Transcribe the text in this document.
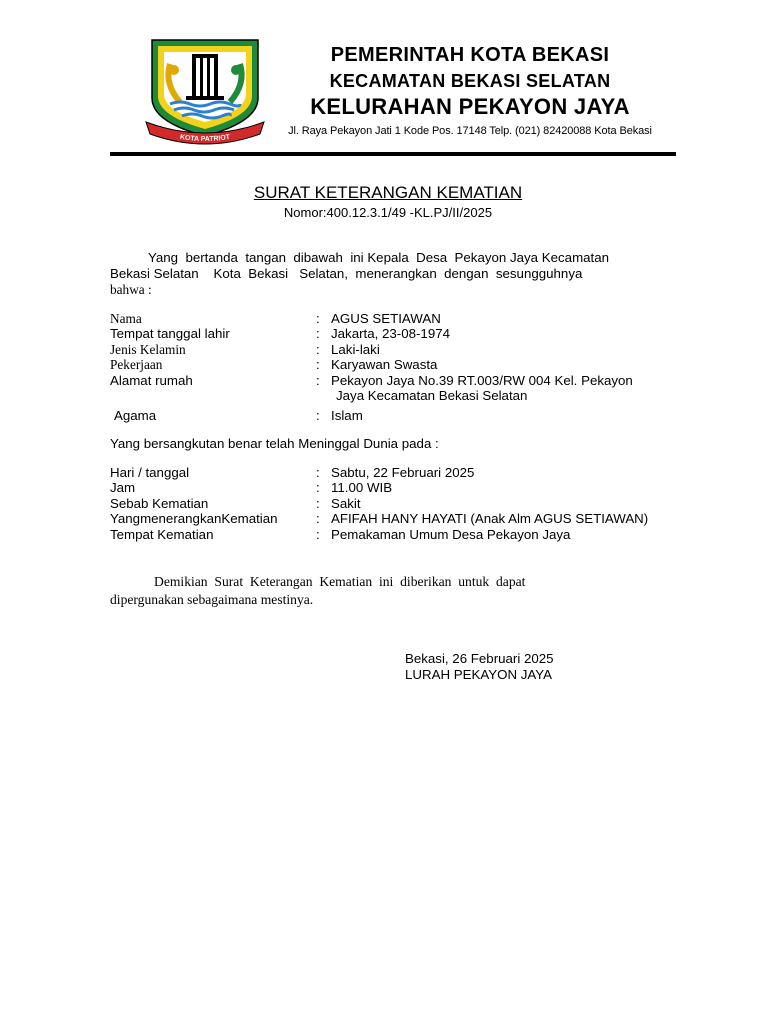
KOTA PATRIOT
PEMERINTAH KOTA BEKASI
KECAMATAN BEKASI SELATAN
KELURAHAN PEKAYON JAYA
Jl. Raya Pekayon Jati 1 Kode Pos. 17148 Telp. (021) 82420088 Kota Bekasi
SURAT KETERANGAN KEMATIAN
Nomor:400.12.3.1/49 -KL.PJ/II/2025
Yang  bertanda  tangan  dibawah  ini Kepala  Desa  Pekayon Jaya Kecamatan
Bekasi Selatan    Kota  Bekasi   Selatan,  menerangkan  dengan  sesungguhnya
bahwa :
Nama	: AGUS SETIAWAN
Tempat tanggal lahir	: Jakarta, 23-08-1974
Jenis Kelamin	: Laki-laki
Pekerjaan	: Karyawan Swasta
Alamat rumah	: Pekayon Jaya No.39 RT.003/RW 004 Kel. Pekayon
Jaya Kecamatan Bekasi Selatan
Agama	: Islam
Yang bersangkutan benar telah Meninggal Dunia pada :
Hari / tanggal	: Sabtu, 22 Februari 2025
Jam	: 11.00 WIB
Sebab Kematian	: Sakit
YangmenerangkanKematian	: AFIFAH HANY HAYATI (Anak Alm AGUS SETIAWAN)
Tempat Kematian	: Pemakaman Umum Desa Pekayon Jaya
Demikian  Surat  Keterangan  Kematian  ini  diberikan  untuk  dapat
dipergunakan sebagaimana mestinya.
Bekasi, 26 Februari 2025
LURAH PEKAYON JAYA
